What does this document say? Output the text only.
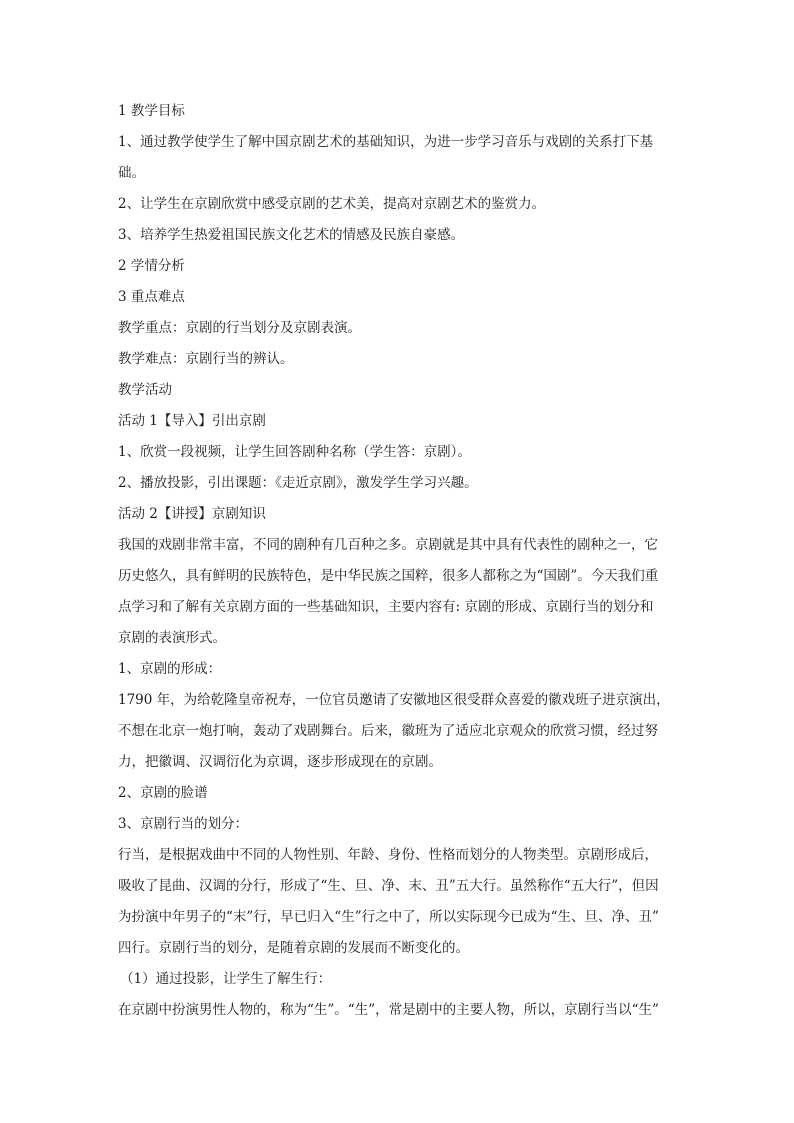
1 教学目标
1、通过教学使学生了解中国京剧艺术的基础知识，为进一步学习音乐与戏剧的关系打下基
础。
2、让学生在京剧欣赏中感受京剧的艺术美，提高对京剧艺术的鉴赏力。
3、培养学生热爱祖国民族文化艺术的情感及民族自豪感。
2 学情分析
3 重点难点
教学重点：京剧的行当划分及京剧表演。
教学难点：京剧行当的辨认。
教学活动
活动 1【导入】引出京剧
1、欣赏一段视频，让学生回答剧种名称（学生答：京剧）。
2、播放投影，引出课题：《走近京剧》，激发学生学习兴趣。
活动 2【讲授】京剧知识
我国的戏剧非常丰富，不同的剧种有几百种之多。京剧就是其中具有代表性的剧种之一，它
历史悠久，具有鲜明的民族特色，是中华民族之国粹，很多人都称之为“国剧”。今天我们重
点学习和了解有关京剧方面的一些基础知识，主要内容有: 京剧的形成、京剧行当的划分和
京剧的表演形式。
1、京剧的形成：
1790 年，为给乾隆皇帝祝寿，一位官员邀请了安徽地区很受群众喜爱的徽戏班子进京演出，
不想在北京一炮打响，轰动了戏剧舞台。后来，徽班为了适应北京观众的欣赏习惯，经过努
力，把徽调、汉调衍化为京调，逐步形成现在的京剧。
2、京剧的脸谱
3、京剧行当的划分：
行当，是根据戏曲中不同的人物性别、年龄、身份、性格而划分的人物类型。京剧形成后，
吸收了昆曲、汉调的分行，形成了“生、旦、净、末、丑”五大行。虽然称作“五大行”，但因
为扮演中年男子的“末”行，早已归入“生”行之中了，所以实际现今已成为“生、旦、净、丑”
四行。京剧行当的划分，是随着京剧的发展而不断变化的。
（1）通过投影，让学生了解生行：
在京剧中扮演男性人物的，称为“生”。“生”，常是剧中的主要人物，所以，京剧行当以“生”
